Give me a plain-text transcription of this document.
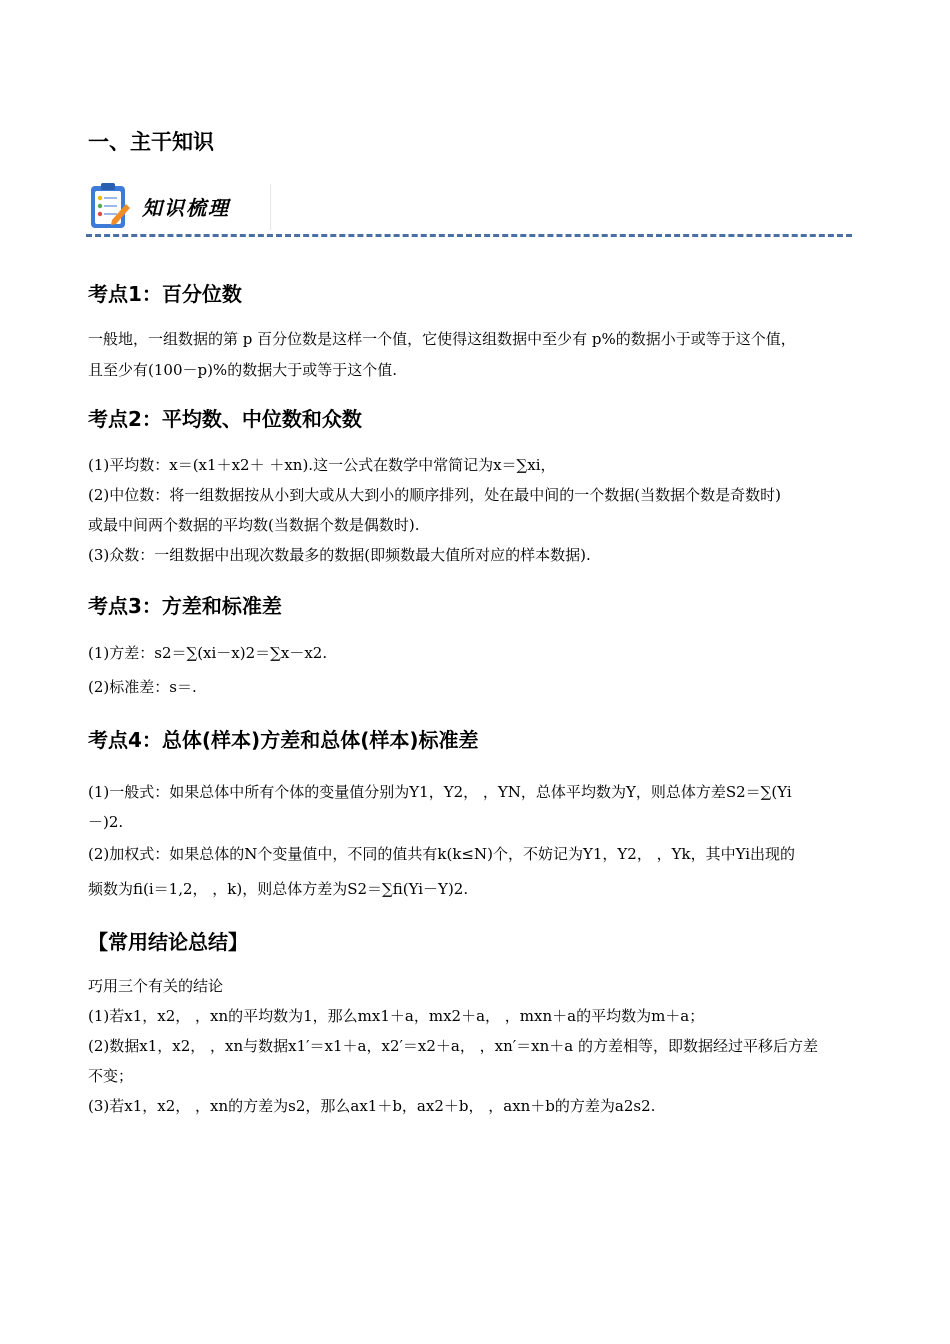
一、主干知识
知识梳理
考点1：百分位数
一般地，一组数据的第 p 百分位数是这样一个值，它使得这组数据中至少有 p%的数据小于或等于这个值，
且至少有(100－p)%的数据大于或等于这个值.
考点2：平均数、中位数和众数
(1)平均数：x＝(x1＋x2＋ ＋xn).这一公式在数学中常简记为x＝∑xi，
(2)中位数：将一组数据按从小到大或从大到小的顺序排列，处在最中间的一个数据(当数据个数是奇数时)
或最中间两个数据的平均数(当数据个数是偶数时).
(3)众数：一组数据中出现次数最多的数据(即频数最大值所对应的样本数据).
考点3：方差和标准差
(1)方差：s2＝∑(xi－x)2＝∑x－x2.
(2)标准差：s＝.
考点4：总体(样本)方差和总体(样本)标准差
(1)一般式：如果总体中所有个体的变量值分别为Y1，Y2， ，YN，总体平均数为Y，则总体方差S2＝∑(Yi
－)2.
(2)加权式：如果总体的N个变量值中，不同的值共有k(k≤N)个，不妨记为Y1，Y2， ，Yk，其中Yi出现的
频数为fi(i＝1,2， ，k)，则总体方差为S2＝∑fi(Yi－Y)2.
【常用结论总结】
巧用三个有关的结论
(1)若x1，x2， ，xn的平均数为1，那么mx1＋a，mx2＋a， ，mxn＋a的平均数为m＋a；
(2)数据x1，x2， ，xn与数据x1′＝x1＋a，x2′＝x2＋a， ，xn′＝xn＋a 的方差相等，即数据经过平移后方差
不变；
(3)若x1，x2， ，xn的方差为s2，那么ax1＋b，ax2＋b， ，axn＋b的方差为a2s2.
